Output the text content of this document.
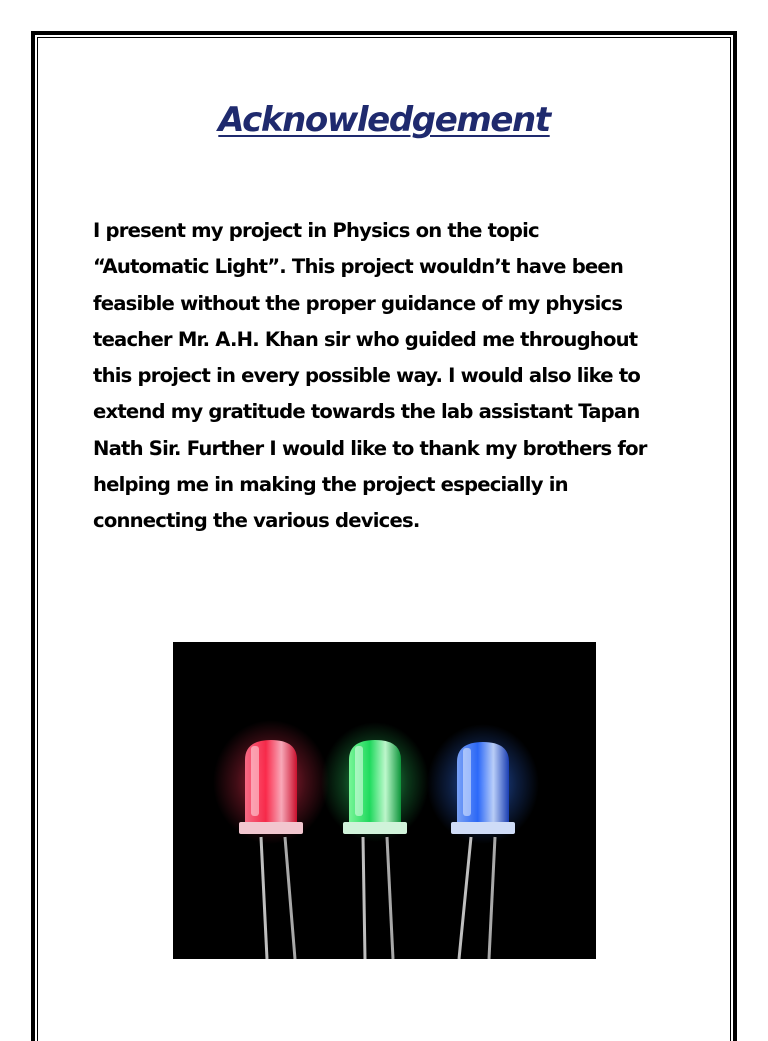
Acknowledgement

I present my project in Physics on the topic
“Automatic Light”. This project wouldn’t have been
feasible without the proper guidance of my physics
teacher Mr. A.H. Khan sir who guided me throughout
this project in every possible way. I would also like to
extend my gratitude towards the lab assistant Tapan
Nath Sir. Further I would like to thank my brothers for
helping me in making the project especially in
connecting the various devices.
